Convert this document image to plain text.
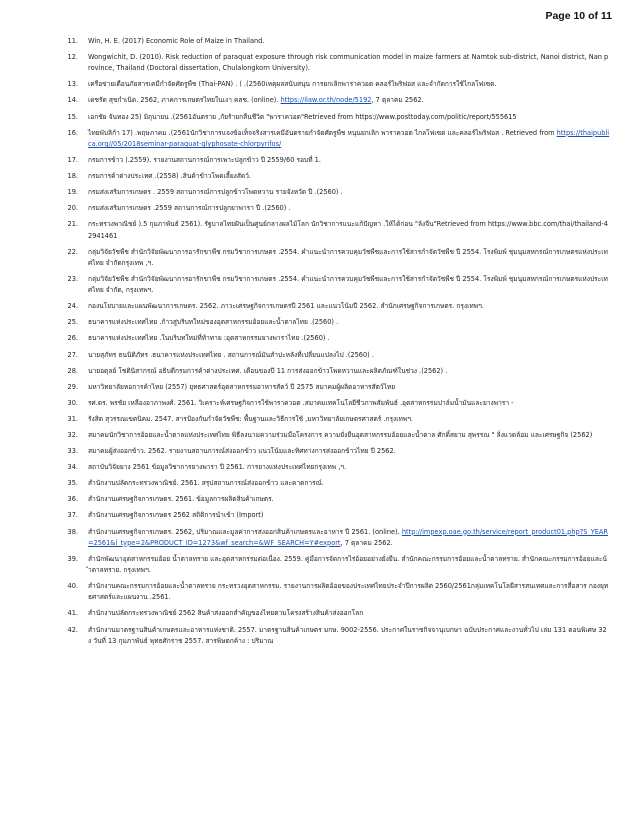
Page 10 of 11
11. Win, H. E. (2017) Economic Role of Maize in Thailand.
12. Wongwichit, D. (2010). Risk reduction of paraquat exposure through risk communication model in maize farmers at Namtok sub-district, Nanoi district, Nan province, Thailand (Doctoral dissertation, Chulalongkorn University).
13. เครือข่ายเตือนภัยสารเคมีกำจัดศัตรูพืช (Thai-PAN) . ( .(2560เหตุผลสนับสนุน การยกเลิกพาราควอต คลอร์ไพริฟอส และจำกัดการใช้ไกลโฟเซต.
14. เดชรัต สุขกำเนิด. 2562, ภาคการเกษตรไทยในเงา คสช. (online). https://ilaw.or.th/node/5192, 7 ตุลาคม 2562.
15. เอกชัย จันทอง 25) มิถุนายน .(2561อันตราย ,กัยร้ายกลืนชีวิต "พาราควอต"Retrieved from https://www.posttoday.com/politic/report/555615
16. ไทยพับลิก้า 17) .พฤษภาคม .(2561นักวิชาการแจงข้อเท็จจริงสารเคมีอันตรายกำจัดศัตรูพืช หนุนยกเลิก พาราควอต ไกลโฟเซต และคลอร์ไพริฟอส . Retrieved from https://thaipublica.org//05/2018seminar-paraquat-glyphosate-chlorpyrifos/
17. กรมการข้าว ).2559). รายงานสถานการณ์การเพาะปลูกข้าว ปี 2559/60 รอบที่ 1.
18. กรมการค้าต่างประเทศ .(2558) .สินค้าข้าวโพดเลี้ยงสัตว์.
19. กรมส่งเสริมการเกษตร . 2559 สถานการณ์การปลูกข้าวโพดหวาน รายจังหวัด ปี .(2560) .
20. กรมส่งเสริมการเกษตร .2559 สถานการณ์การปลูกยาพารา ปี .(2560) .
21. กระทรวงพาณิชย์ ).5 กุมภาพันธ์ 2561). รัฐบาลไทยฝันเป็นศูนย์กลางผลไม้โลก นักวิชาการแนะแก้ปัญหา .ให้ได้ก่อน "ล้งจีน"Retrieved from https://www.bbc.com/thai/thailand-42941461
22. กลุ่มวิจัยวัชพืช สำนักวิจัยพัฒนาการอารักขาพืช กรมวิชาการเกษตร .2554. คำแนะนำการควบคุมวัชพืชและการใช้สารกำจัดวัชพืช ปี 2554. โรงพิมพ์ ชุมนุมสหกรณ์การเกษตรแห่งประเทศไทย จำกัดกรุงเทพ ,ฯ.
23. กลุ่มวิจัยวัชพืช สำนักวิจัยพัฒนาการอารักขาพืช กรมวิชาการเกษตร .2554. คำแนะนำการควบคุมวัชพืชและการใช้สารกำจัดวัชพืช ปี 2554. โรงพิมพ์ ชุมนุมสหกรณ์การเกษตรแห่งประเทศไทย จำกัด, กรุงเทพฯ.
24. กองนโยบายและแผนพัฒนาการเกษตร. 2562. ภาวะเศรษฐกิจการเกษตรปี 2561 และแนวโน้มปี 2562. สำนักเศรษฐกิจการเกษตร. กรุงเทพฯ.
25. ธนาคารแห่งประเทศไทย .ก้าวสู่บริบทใหม่ของอุตสาหกรรมอ้อยและน้ำตาลไทย .(2560) .
26. ธนาคารแห่งประเทศไทย .ในบริบทใหม่ที่ท้าทาย :อุตสาหกรรมยางพาราไทย .(2560) .
27. นายสุภัทร ธนนิติภัทร .ธนาคารแห่งประเทศไทย . สถานการณ์มันสำปะหลังที่เปลี่ยนแปลงไป .(2560) .
28. นายอดุลย์ โชตินิสากรณ์ อธิบดีกรมการค้าต่างประเทศ. เดือนของปี 11 การส่งออกข้าวโพดหวานและผลิตภัณฑ์ในช่วง .(2562) .
29. มหาวิทยาลัยหอการค้าไทย (2557) ยุทธศาสตร์อุตสาหกรรมอาหารสัตว์ ปี 2575 สมาคมผู้ผลิตอาหารสัตว์ไทย
30. รศ.ดร. พรชัย เหลืองอาภาพงศ์. 2561. วิเคราะห์เศรษฐกิจการใช้พาราควอต .สมาคมเทคโนโลยีชีวภาพสัมพันธ์ .อุตสาหกรรมปาล์มน้ำมันและยางพารา -
31. รังสิต สุวรรณเขตนิคม. 2547. สารป้องกันกำจัดวัชพืช: พื้นฐานและวิธีการใช้ ,มหาวิทยาลัยเกษตรศาสตร์ .กรุงเทพฯ.
32. สมาคมนักวิชาการอ้อยและน้ำตาลแห่งประเทศไทย พิธีลงนามความร่วมมือโครงการ ความยั่งยืนอุตสาหกรรมอ้อยและน้ำตาล ศักดิ์สยาม สุพรรณ " ลิ่งแวดล้อม และเศรษฐกิจ (2562)
33. สมาคมผู้ส่งออกข้าว. 2562. รายงานสถานการณ์ส่งออกข้าว แนวโน้มและทิศทางการส่งออกข้าวไทย ปี 2562.
34. สถาบันวิจัยยาง 2561 ข้อมูลวิชาการยางพารา ปี 2561. การยางแห่งประเทศไทยกรุงเทพ ,ฯ.
35. สำนักงานปลัดกระทรวงพาณิชย์. 2561. สรุปสถานการณ์ส่งออกข้าว และคาดการณ์.
36. สำนักงานเศรษฐกิจการเกษตร. 2561. ข้อมูลการผลิตสินค้าเกษตร.
37. สำนักงานเศรษฐกิจการเกษตร 2562 สถิติการนำเข้า (Import)
38. สำนักงานเศรษฐกิจการเกษตร. 2562, ปริมาณและมูลค่าการส่งออกสินค้าเกษตรและอาหาร ปี 2561. (online). http://impexp.oae.go.th/service/report_product01.php?S_YEAR=2561&i_type=2&PRODUCT_ID=1273&wf_search=&WF_SEARCH=Y#export, 7 ตุลาคม 2562.
39. สำนักพัฒนาอุตสาหกรรมอ้อย น้ำตาลทราย และอุตสาหกรรมต่อเนื่อง. 2559. คู่มือการจัดการไร่อ้อยอย่างยั่งยืน. สำนักคณะกรรมการอ้อยและน้ำตาลทราย. สำนักคณะกรรมการอ้อยและน้ำตาลทราย. กรุงเทพฯ.
40. สำนักงานคณะกรรมการอ้อยและน้ำตาลทราย กระทรวงอุตสาหกรรม. รายงานการผลิตอ้อยของประเทศไทยประจำปีการผลิต 2560/2561กลุ่มเทคโนโลยีสารสนเทศและการสื่อสาร กองยุทธศาสตร์และแผนงาน .2561.
41. สำนักงานปลัดกระทรวงพาณิชย์ 2562 สินค้าส่งออกสำคัญของไทยตามโครงสร้างสินค้าส่งออกโลก
42. สำนักงานมาตรฐานสินค้าเกษตรและอาหารแห่งชาติ. 2557. มาตรฐานสินค้าเกษตร มกษ. 9002-2556. ประกาศในราชกิจจานุเบกษา ฉบับประกาศและงานทั่วไป เล่ม 131 ตอนพิเศษ 32 ง วันที่ 13 กุมภาพันธ์ พุทธศักราช 2557. สารพิษตกค้าง : ปริมาณ
